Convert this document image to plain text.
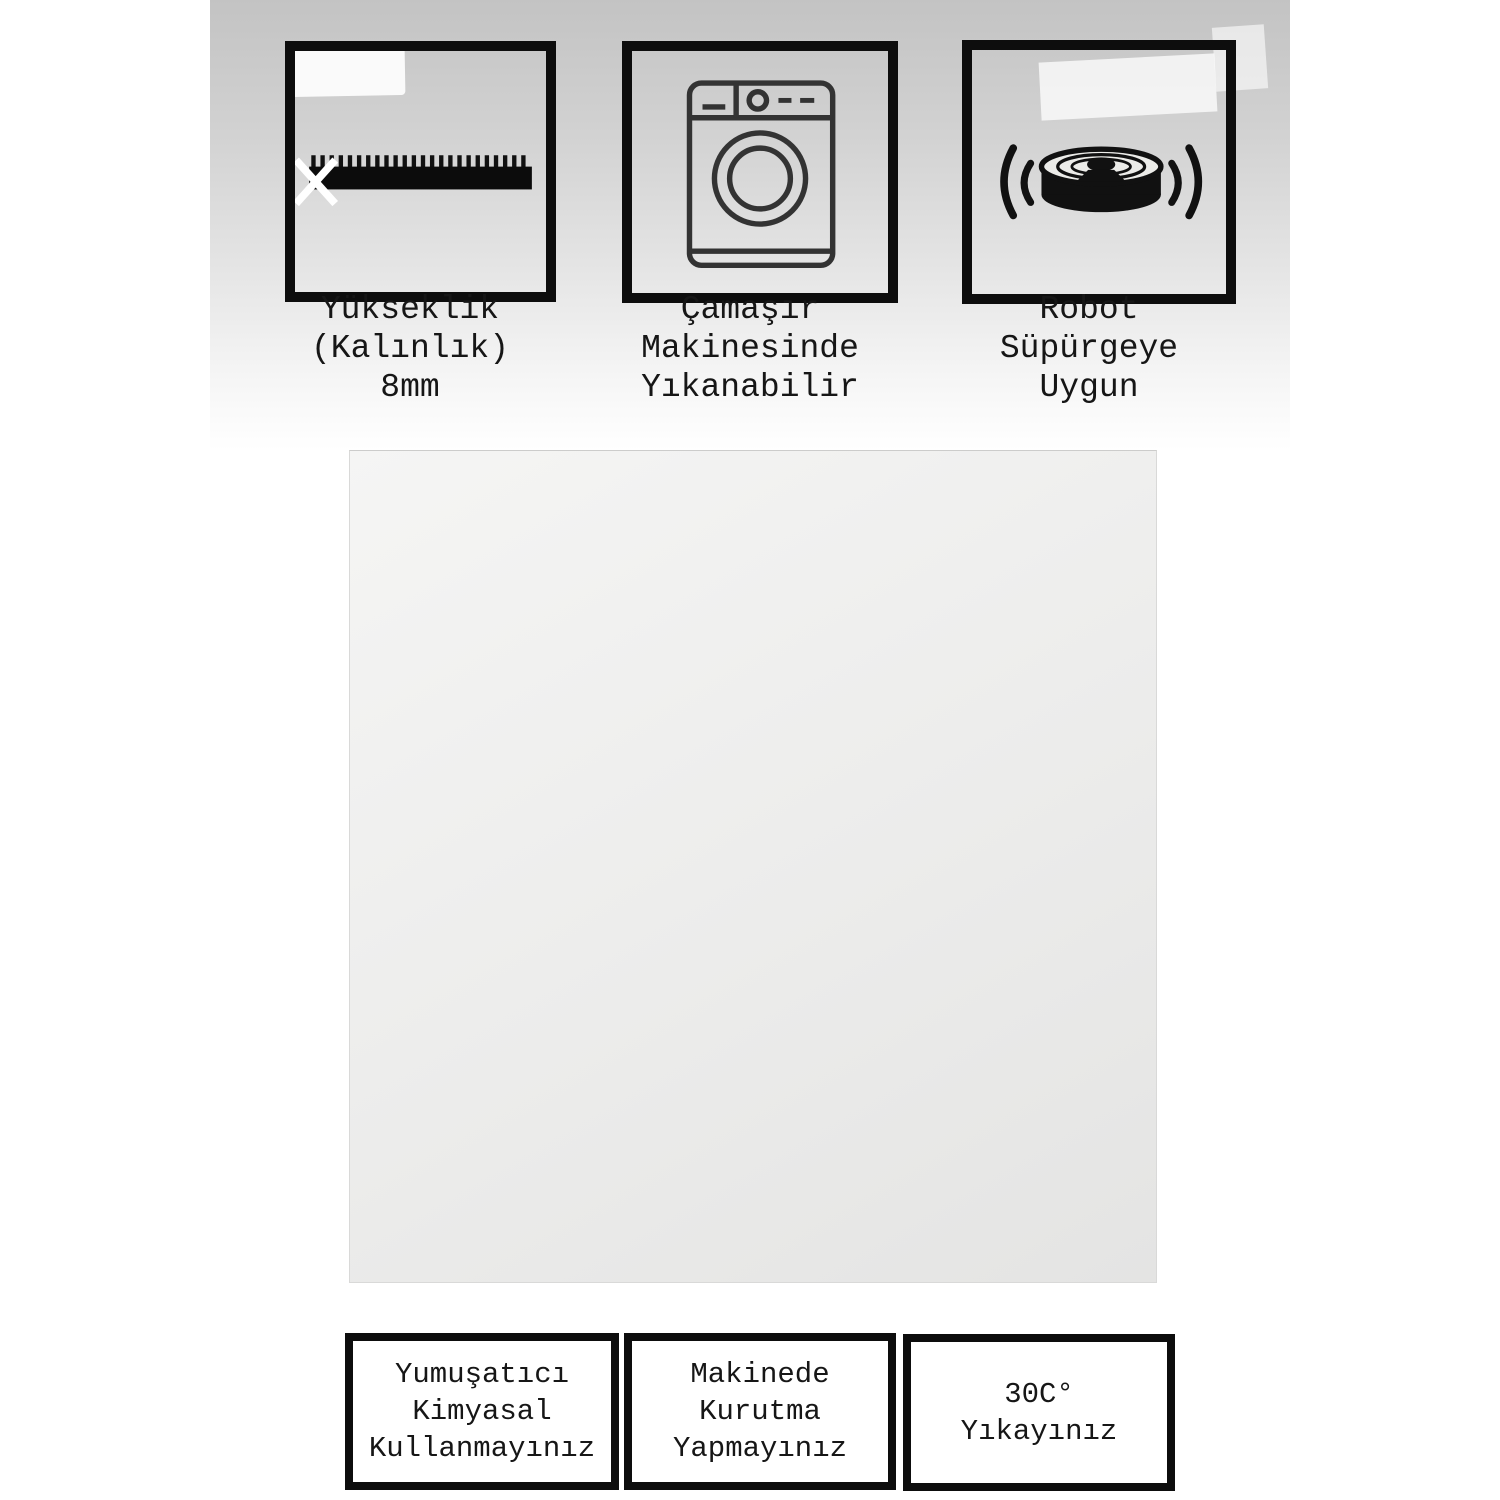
Yükseklik
(Kalınlık)
8mm
Çamaşır
Makinesinde
Yıkanabilir
Robot
Süpürgeye
Uygun
Yumuşatıcı
Kimyasal
Kullanmayınız
Makinede
Kurutma
Yapmayınız
30C°
Yıkayınız
